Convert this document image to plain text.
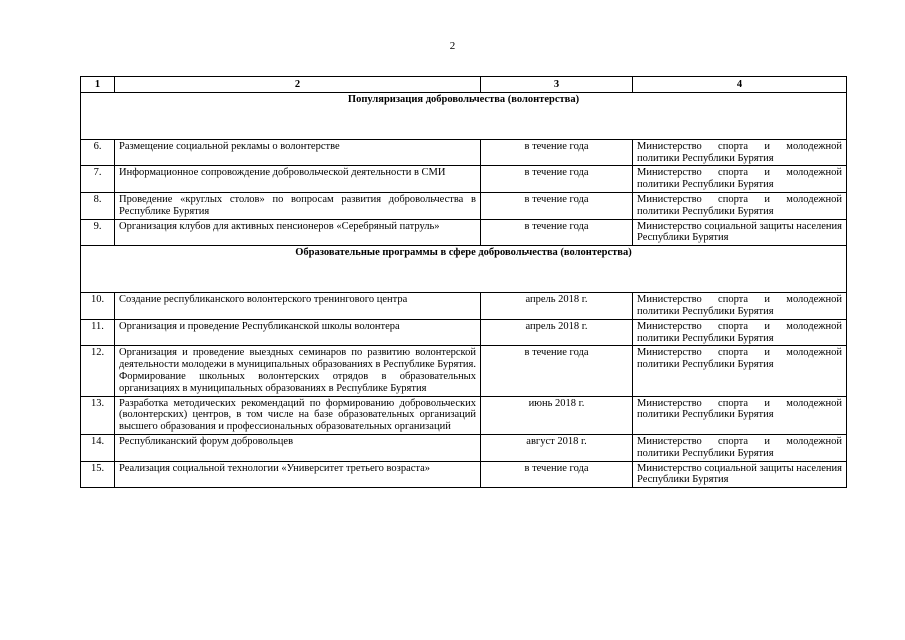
2
1	2	3	4
Популяризация добровольчества (волонтерства)			
6.	Размещение социальной рекламы о волонтерстве	в течение года	Министерство спорта и молодежной политики Республики Бурятия
7.	Информационное сопровождение добровольческой деятельности в СМИ	в течение года	Министерство спорта и молодежной политики Республики Бурятия
8.	Проведение «круглых столов» по вопросам развития добровольчества в Республике Бурятия	в течение года	Министерство спорта и молодежной политики Республики Бурятия
9.	Организация клубов для активных пенсионеров «Серебряный патруль»	в течение года	Министерство социальной защиты населения Республики Бурятия
Образовательные программы в сфере добровольчества (волонтерства)			
10.	Создание республиканского волонтерского тренингового центра	апрель 2018 г.	Министерство спорта и молодежной политики Республики Бурятия
11.	Организация и проведение Республиканской школы волонтера	апрель 2018 г.	Министерство спорта и молодежной политики Республики Бурятия
12.	Организация и проведение выездных семинаров по развитию волонтерской деятельности молодежи в муниципальных образованиях в Республике Бурятия. Формирование школьных волонтерских отрядов в образовательных организациях в муниципальных образованиях в Республике Бурятия	в течение года	Министерство спорта и молодежной политики Республики Бурятия
13.	Разработка методических рекомендаций по формированию добровольческих (волонтерских) центров, в том числе на базе образовательных организаций высшего образования и профессиональных образовательных организаций	июнь 2018 г.	Министерство спорта и молодежной политики Республики Бурятия
14.	Республиканский форум добровольцев	август 2018 г.	Министерство спорта и молодежной политики Республики Бурятия
15.	Реализация социальной технологии «Университет третьего возраста»	в течение года	Министерство социальной защиты населения Республики Бурятия
